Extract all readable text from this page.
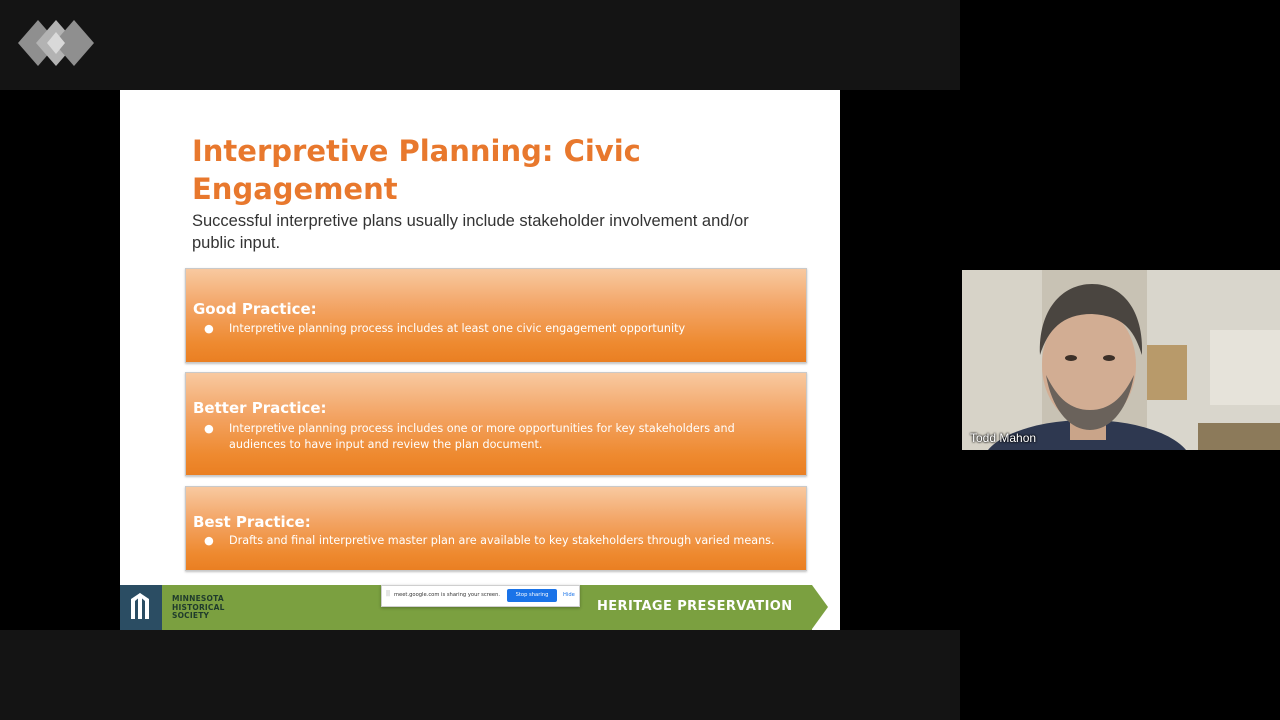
Interpretive Planning: Civic Engagement

Successful interpretive plans usually include stakeholder involvement and/or public input.

Good Practice:
● Interpretive planning process includes at least one civic engagement opportunity
Better Practice:
● Interpretive planning process includes one or more opportunities for key stakeholders and audiences to have input and review the plan document.
Best Practice:
● Drafts and final interpretive master plan are available to key stakeholders through varied means.
MINNESOTA
HISTORICAL
SOCIETY
HERITAGE PRESERVATION
|| meet.google.com is sharing your screen.	Stop sharing	Hide
Todd Mahon
